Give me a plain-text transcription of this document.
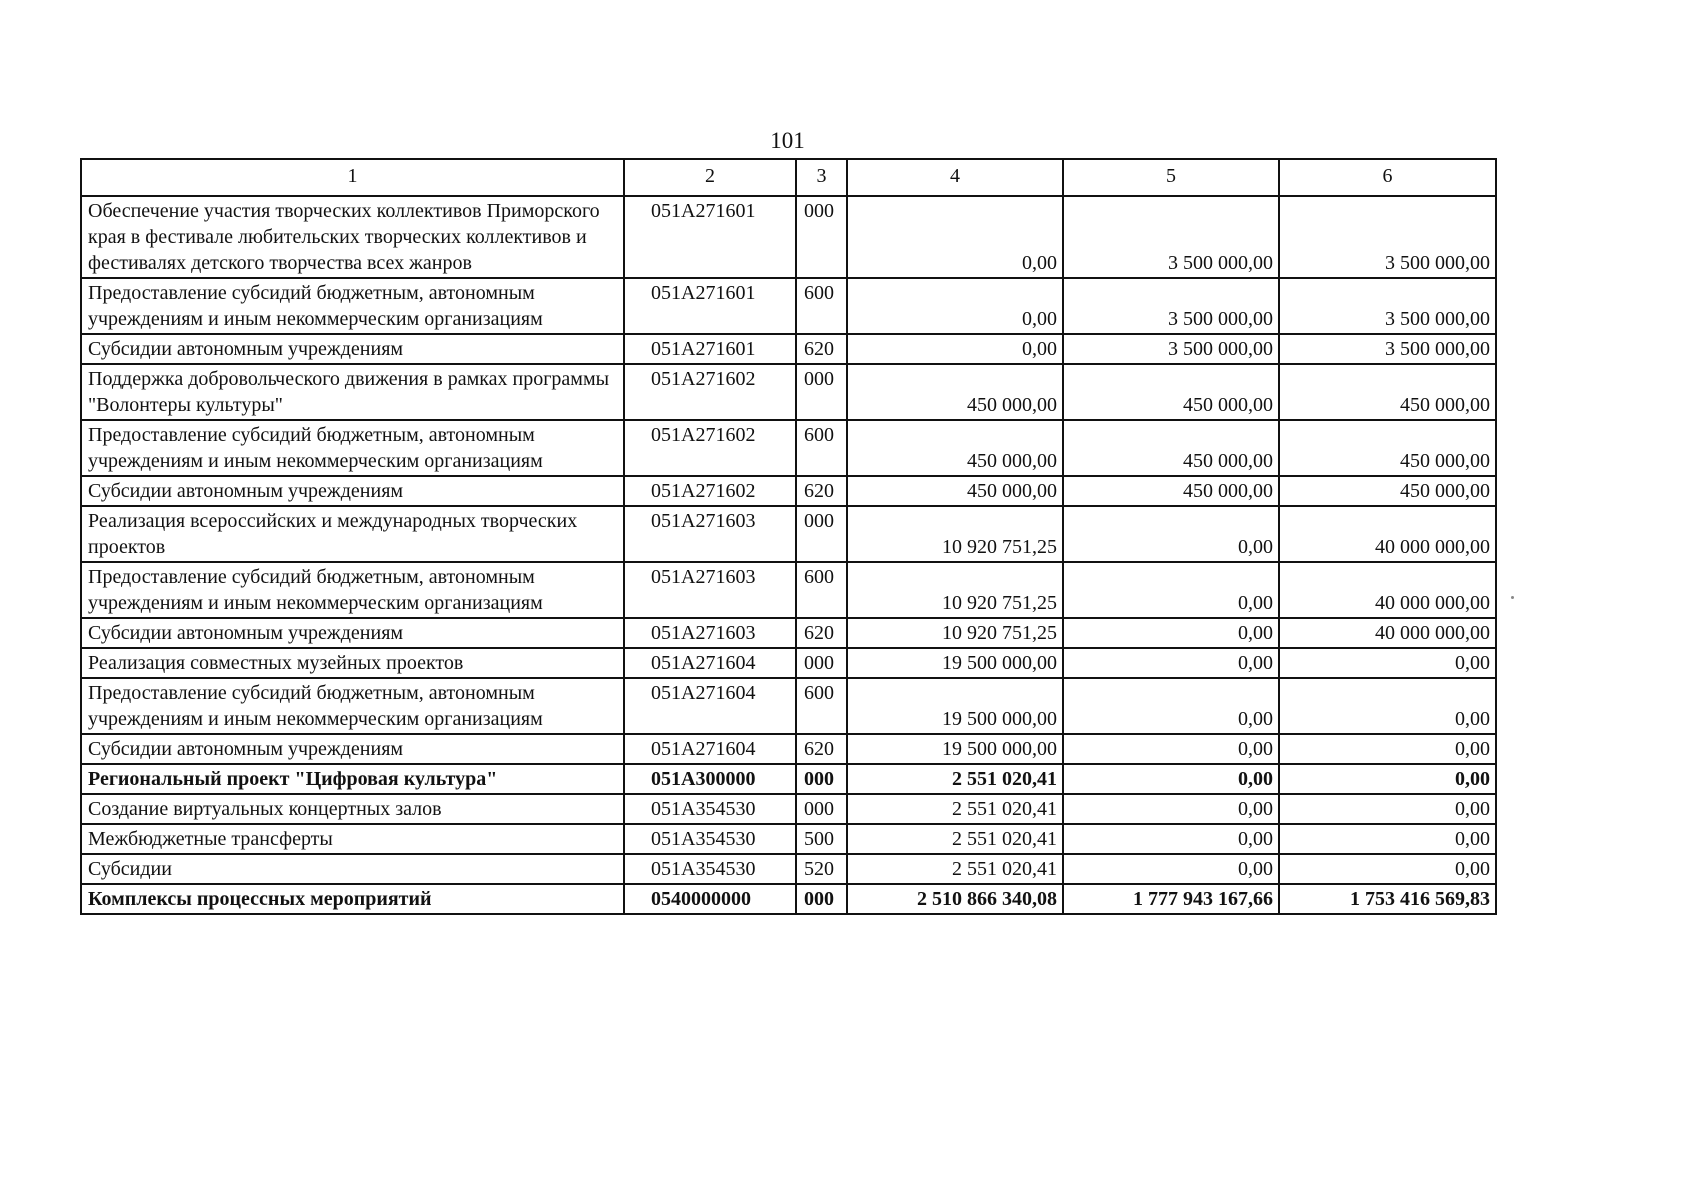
101
1	2	3	4	5	6
Обеспечение участия творческих коллективов Приморского края в фестивале любительских творческих коллективов и фестивалях детского творчества всех жанров	051A271601	000	0,00	3 500 000,00	3 500 000,00
Предоставление субсидий бюджетным, автономным учреждениям и иным некоммерческим организациям	051A271601	600	0,00	3 500 000,00	3 500 000,00
Субсидии автономным учреждениям	051A271601	620	0,00	3 500 000,00	3 500 000,00
Поддержка добровольческого движения в рамках программы "Волонтеры культуры"	051A271602	000	450 000,00	450 000,00	450 000,00
Предоставление субсидий бюджетным, автономным учреждениям и иным некоммерческим организациям	051A271602	600	450 000,00	450 000,00	450 000,00
Субсидии автономным учреждениям	051A271602	620	450 000,00	450 000,00	450 000,00
Реализация всероссийских и международных творческих проектов	051A271603	000	10 920 751,25	0,00	40 000 000,00
Предоставление субсидий бюджетным, автономным учреждениям и иным некоммерческим организациям	051A271603	600	10 920 751,25	0,00	40 000 000,00
Субсидии автономным учреждениям	051A271603	620	10 920 751,25	0,00	40 000 000,00
Реализация совместных музейных проектов	051A271604	000	19 500 000,00	0,00	0,00
Предоставление субсидий бюджетным, автономным учреждениям и иным некоммерческим организациям	051A271604	600	19 500 000,00	0,00	0,00
Субсидии автономным учреждениям	051A271604	620	19 500 000,00	0,00	0,00
Региональный проект "Цифровая культура"	051A300000	000	2 551 020,41	0,00	0,00
Создание виртуальных концертных залов	051A354530	000	2 551 020,41	0,00	0,00
Межбюджетные трансферты	051A354530	500	2 551 020,41	0,00	0,00
Субсидии	051A354530	520	2 551 020,41	0,00	0,00
Комплексы процессных мероприятий	0540000000	000	2 510 866 340,08	1 777 943 167,66	1 753 416 569,83
